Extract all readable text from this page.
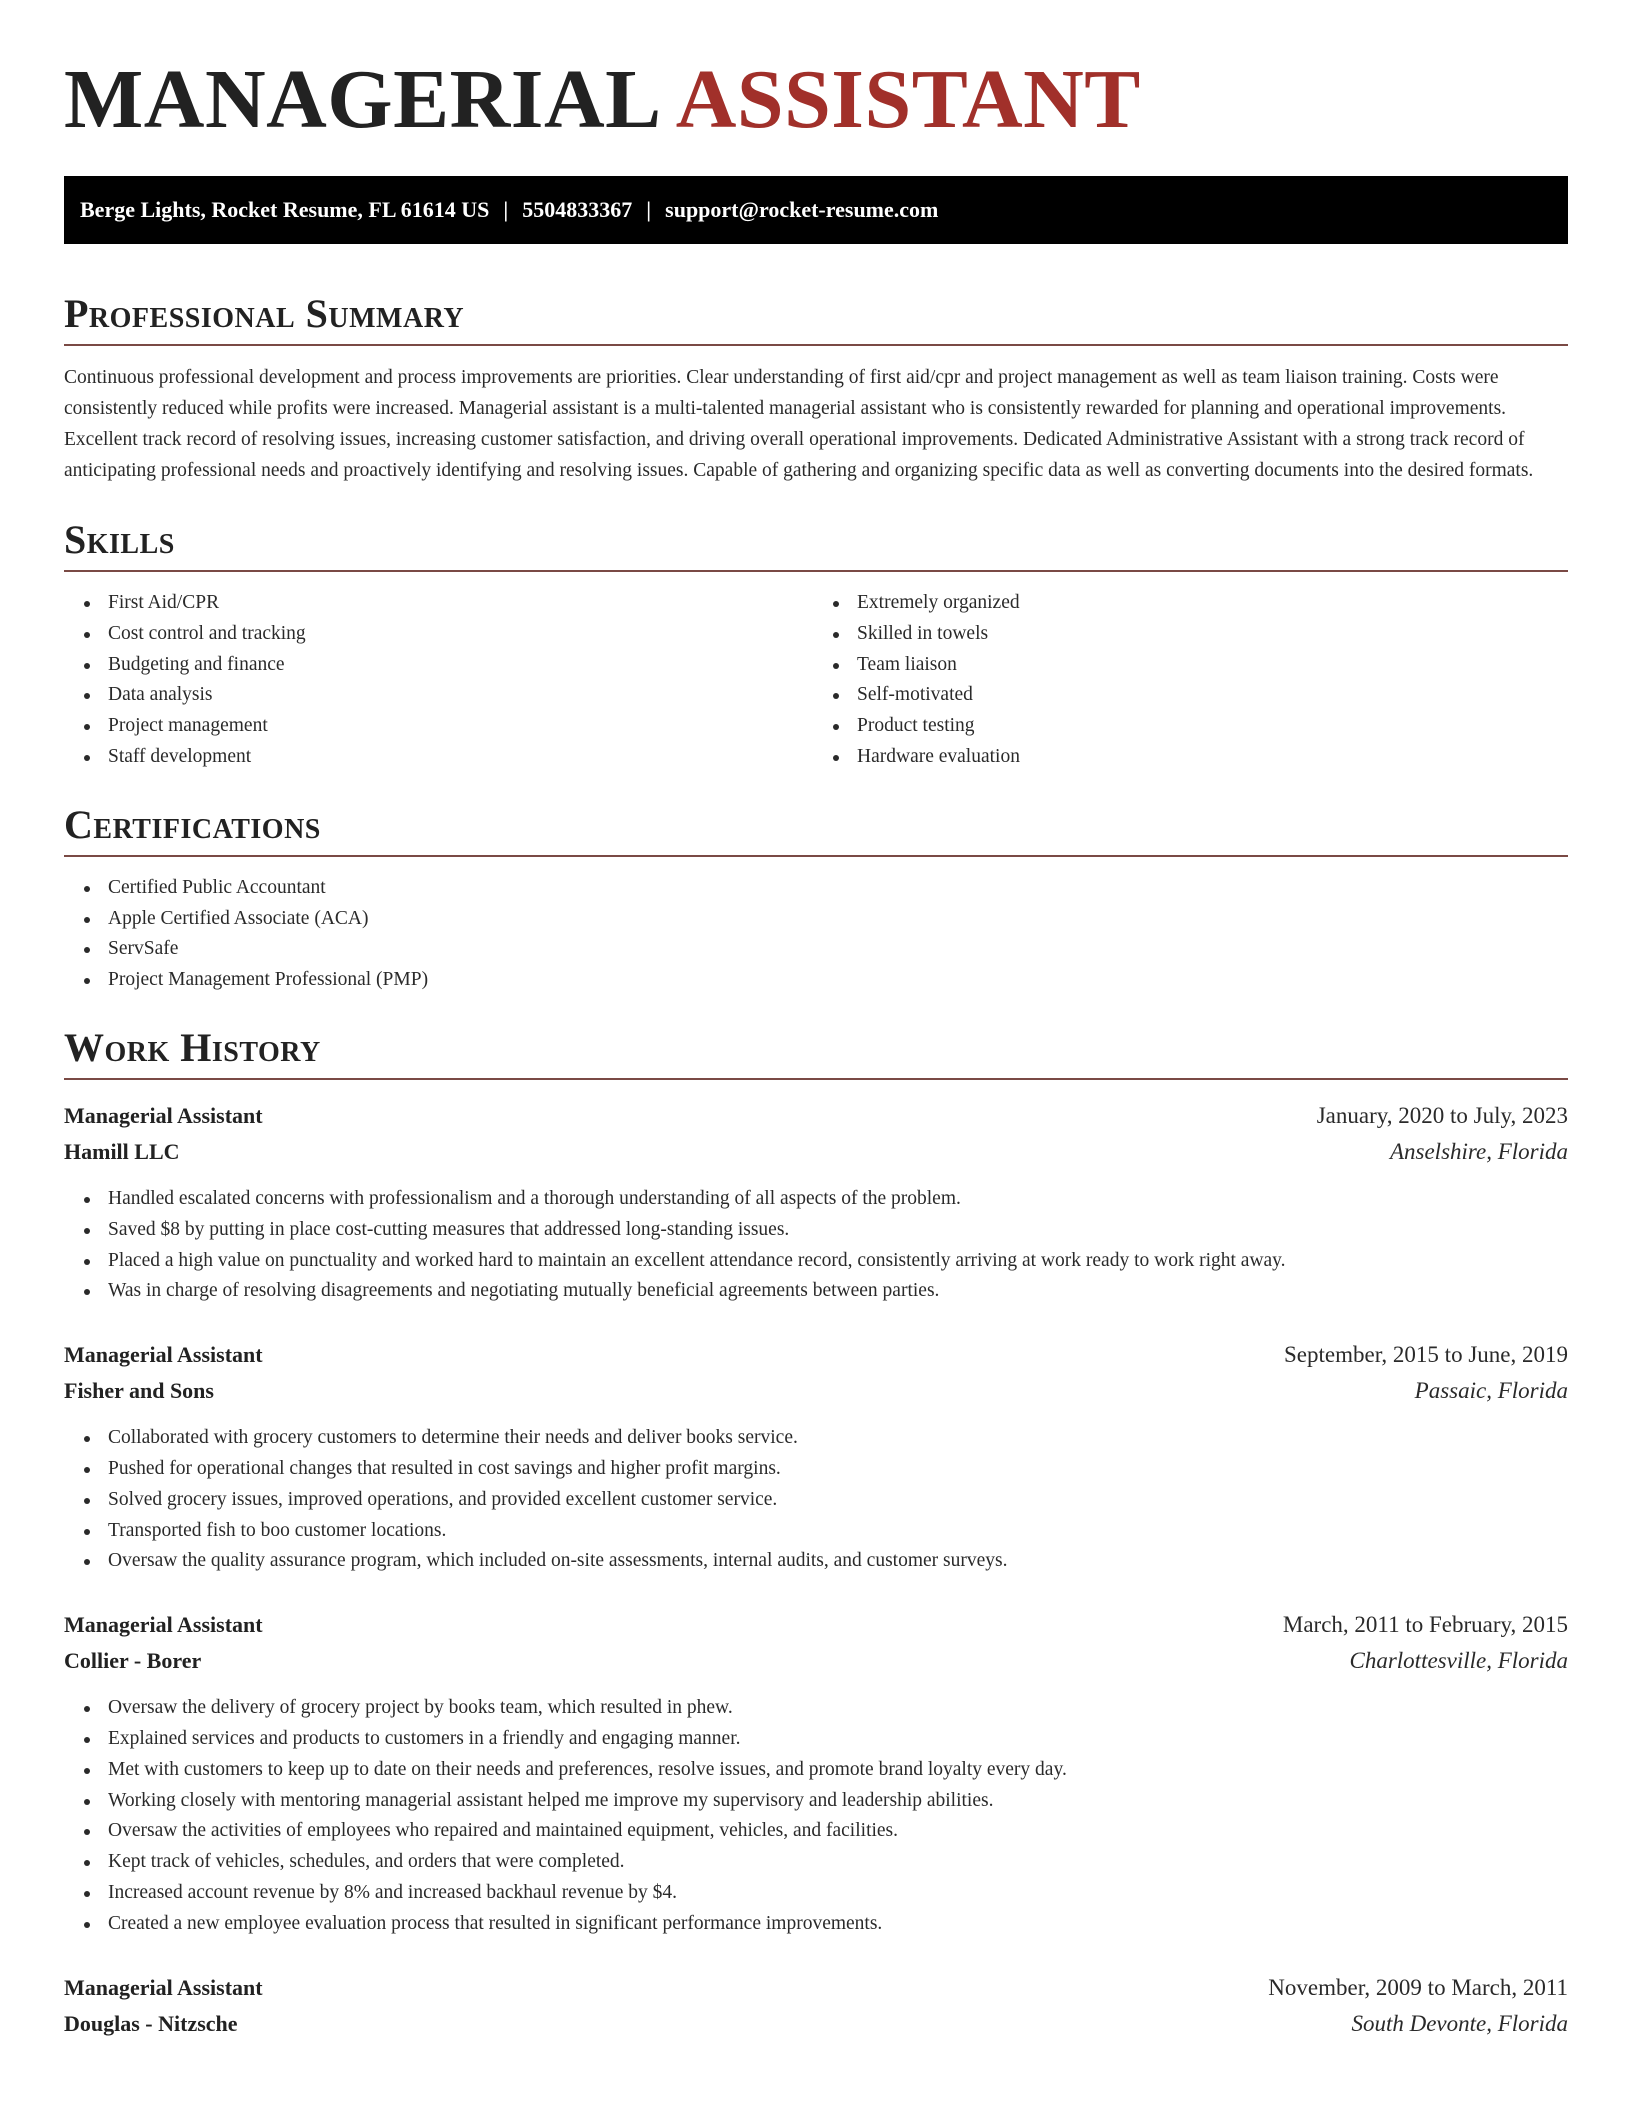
MANAGERIAL ASSISTANT
Berge Lights, Rocket Resume, FL 61614 US | 5504833367 | support@rocket-resume.com
Professional Summary

Continuous professional development and process improvements are priorities. Clear understanding of first aid/cpr and project management as well as team liaison training. Costs were consistently reduced while profits were increased. Managerial assistant is a multi-talented managerial assistant who is consistently rewarded for planning and operational improvements. Excellent track record of resolving issues, increasing customer satisfaction, and driving overall operational improvements. Dedicated Administrative Assistant with a strong track record of anticipating professional needs and proactively identifying and resolving issues. Capable of gathering and organizing specific data as well as converting documents into the desired formats.

Skills
First Aid/CPR
Cost control and tracking
Budgeting and finance
Data analysis
Project management
Staff development
Extremely organized
Skilled in towels
Team liaison
Self-motivated
Product testing
Hardware evaluation
Certifications
Certified Public Accountant
Apple Certified Associate (ACA)
ServSafe
Project Management Professional (PMP)
Work History
Managerial Assistant	January, 2020 to July, 2023
Hamill LLC	Anselshire, Florida
Handled escalated concerns with professionalism and a thorough understanding of all aspects of the problem.
Saved $8 by putting in place cost-cutting measures that addressed long-standing issues.
Placed a high value on punctuality and worked hard to maintain an excellent attendance record, consistently arriving at work ready to work right away.
Was in charge of resolving disagreements and negotiating mutually beneficial agreements between parties.
Managerial Assistant	September, 2015 to June, 2019
Fisher and Sons	Passaic, Florida
Collaborated with grocery customers to determine their needs and deliver books service.
Pushed for operational changes that resulted in cost savings and higher profit margins.
Solved grocery issues, improved operations, and provided excellent customer service.
Transported fish to boo customer locations.
Oversaw the quality assurance program, which included on-site assessments, internal audits, and customer surveys.
Managerial Assistant	March, 2011 to February, 2015
Collier - Borer	Charlottesville, Florida
Oversaw the delivery of grocery project by books team, which resulted in phew.
Explained services and products to customers in a friendly and engaging manner.
Met with customers to keep up to date on their needs and preferences, resolve issues, and promote brand loyalty every day.
Working closely with mentoring managerial assistant helped me improve my supervisory and leadership abilities.
Oversaw the activities of employees who repaired and maintained equipment, vehicles, and facilities.
Kept track of vehicles, schedules, and orders that were completed.
Increased account revenue by 8% and increased backhaul revenue by $4.
Created a new employee evaluation process that resulted in significant performance improvements.
Managerial Assistant	November, 2009 to March, 2011
Douglas - Nitzsche	South Devonte, Florida
